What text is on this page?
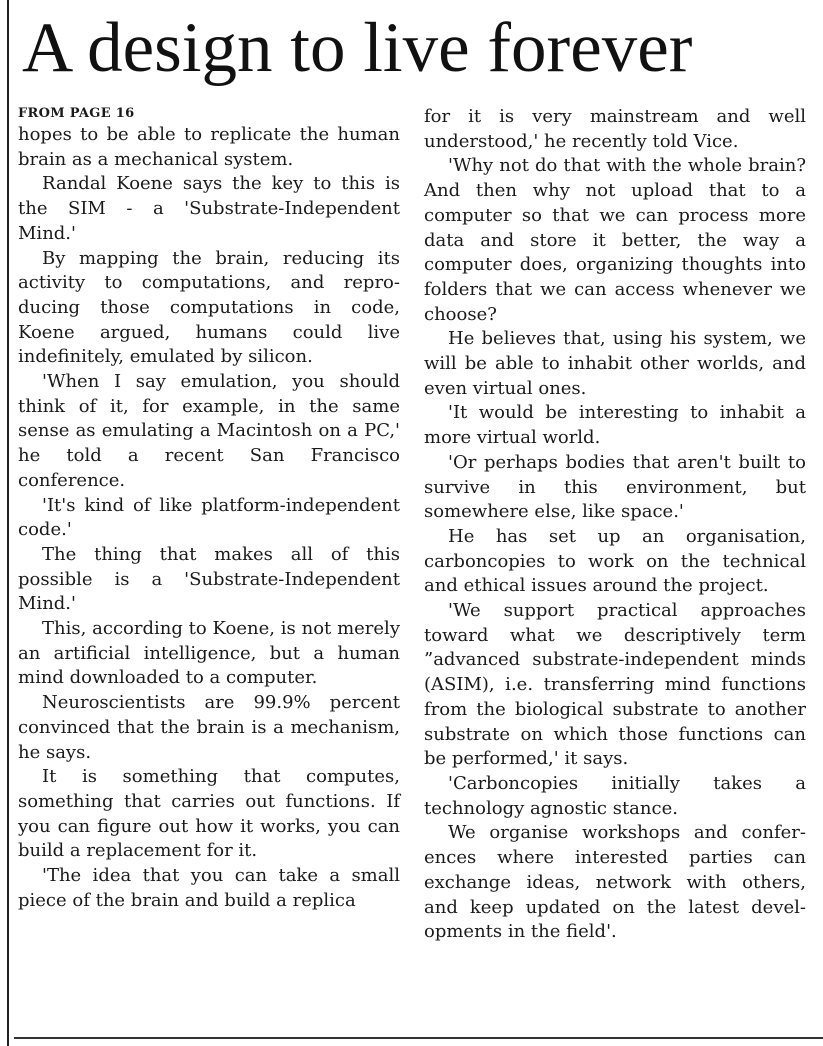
A design to live forever
FROM PAGE 16

hopes to be able to replicate the human brain as a mechanical system.

Randal Koene says the key to this is the SIM - a 'Substrate-Independent Mind.'

By mapping the brain, reducing its activity to computations, and reproducing those computations in code, Koene argued, humans could live indefinitely, emulated by silicon.

'When I say emulation, you should think of it, for example, in the same sense as emulating a Macintosh on a PC,' he told a recent San Francisco conference.

'It's kind of like platform-independent code.'

The thing that makes all of this possible is a 'Substrate-Independent Mind.'

This, according to Koene, is not merely an artificial intelligence, but a human mind downloaded to a computer.

Neuroscientists are 99.9% percent convinced that the brain is a mechanism, he says.

It is something that computes, something that carries out functions. If you can figure out how it works, you can build a replacement for it.

'The idea that you can take a small piece of the brain and build a replica

for it is very mainstream and well understood,' he recently told Vice.

'Why not do that with the whole brain? And then why not upload that to a computer so that we can process more data and store it better, the way a computer does, organizing thoughts into folders that we can access whenever we choose?

He believes that, using his system, we will be able to inhabit other worlds, and even virtual ones.

'It would be interesting to inhabit a more virtual world.

'Or perhaps bodies that aren't built to survive in this environment, but somewhere else, like space.'

He has set up an organisation, carboncopies to work on the technical and ethical issues around the project.

'We support practical approaches toward what we descriptively term ”advanced substrate-independent minds (ASIM), i.e. transferring mind functions from the biological substrate to another substrate on which those functions can be performed,' it says.

'Carboncopies initially takes a technology agnostic stance.

We organise workshops and conferences where interested parties can exchange ideas, network with others, and keep updated on the latest developments in the field'.
